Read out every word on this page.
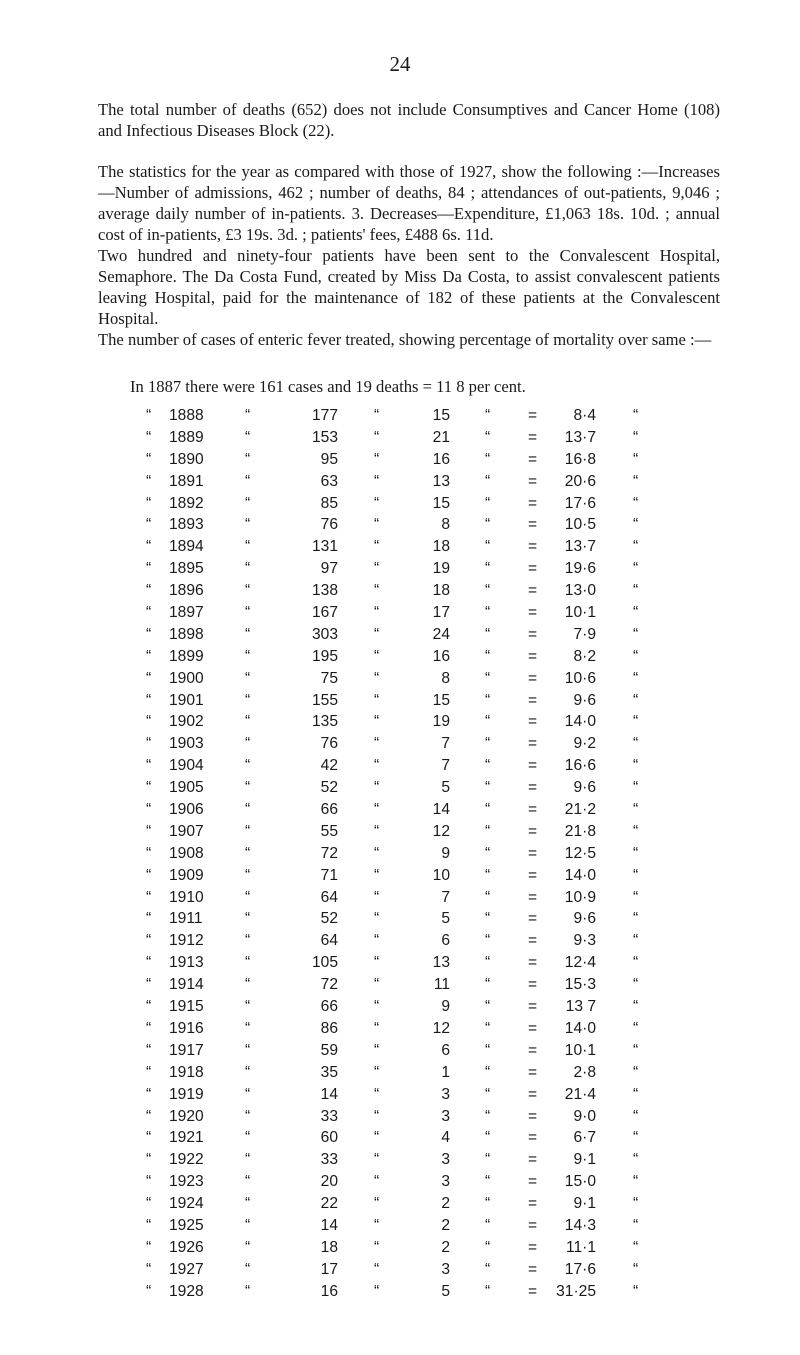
24

The total number of deaths (652) does not include Consumptives and Cancer Home (108) and Infectious Diseases Block (22).

The statistics for the year as compared with those of 1927, show the following :—Increases—Number of admissions, 462 ; number of deaths, 84 ; attendances of out-patients, 9,046 ; average daily number of in-patients. 3. Decreases—Expenditure, £1,063 18s. 10d. ; annual cost of in-patients, £3 19s. 3d. ; patients' fees, £488 6s. 11d.

Two hundred and ninety-four patients have been sent to the Convalescent Hospital, Semaphore. The Da Costa Fund, created by Miss Da Costa, to assist convalescent patients leaving Hospital, paid for the maintenance of 182 of these patients at the Convalescent Hospital.

The number of cases of enteric fever treated, showing percentage of mortality over same :—

In 1887 there were 161 cases and 19 deaths = 11 8 per cent.
“ 1888	“	177 “	15 “ =	8·4 “
“ 1889	“	153 “	21 “ =	13·7 “
“ 1890	“	95 “	16 “ =	16·8 “
“ 1891	“	63 “	13 “ =	20·6 “
“ 1892	“	85 “	15 “ =	17·6 “
“ 1893	“	76 “	8 “ =	10·5 “
“ 1894	“	131 “	18 “ =	13·7 “
“ 1895	“	97 “	19 “ =	19·6 “
“ 1896	“	138 “	18 “ =	13·0 “
“ 1897	“	167 “	17 “ =	10·1 “
“ 1898	“	303 “	24 “ =	7·9 “
“ 1899	“	195 “	16 “ =	8·2 “
“ 1900	“	75 “	8 “ =	10·6 “
“ 1901	“	155 “	15 “ =	9·6 “
“ 1902	“	135 “	19 “ =	14·0 “
“ 1903	“	76 “	7 “ =	9·2 “
“ 1904	“	42 “	7 “ =	16·6 “
“ 1905	“	52 “	5 “ =	9·6 “
“ 1906	“	66 “	14 “ =	21·2 “
“ 1907	“	55 “	12 “ =	21·8 “
“ 1908	“	72 “	9 “ =	12·5 “
“ 1909	“	71 “	10 “ =	14·0 “
“ 1910	“	64 “	7 “ =	10·9 “
“ 1911	“	52 “	5 “ =	9·6 “
“ 1912	“	64 “	6 “ =	9·3 “
“ 1913	“	105 “	13 “ =	12·4 “
“ 1914	“	72 “	11 “ =	15·3 “
“ 1915	“	66 “	9 “ =	13 7 “
“ 1916	“	86 “	12 “ =	14·0 “
“ 1917	“	59 “	6 “ =	10·1 “
“ 1918	“	35 “	1 “ =	2·8 “
“ 1919	“	14 “	3 “ =	21·4 “
“ 1920	“	33 “	3 “ =	9·0 “
“ 1921	“	60 “	4 “ =	6·7 “
“ 1922	“	33 “	3 “ =	9·1 “
“ 1923	“	20 “	3 “ =	15·0 “
“ 1924	“	22 “	2 “ =	9·1 “
“ 1925	“	14 “	2 “ =	14·3 “
“ 1926	“	18 “	2 “ =	11·1 “
“ 1927	“	17 “	3 “ =	17·6 “
“ 1928	“	16 “	5 “ =	31·25 “
